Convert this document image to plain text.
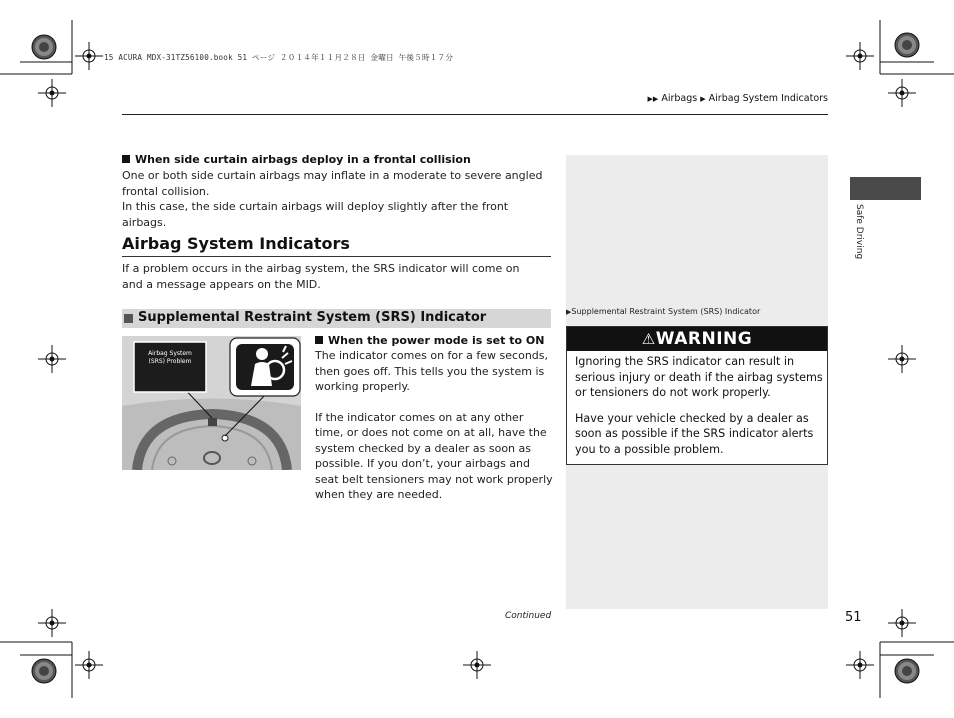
15 ACURA MDX-31TZ56100.book 51 ページ ２０１４年１１月２８日 金曜日 午後５時１７分
▶▶ Airbags ▶ Airbag System Indicators
Safe Driving
When side curtain airbags deploy in a frontal collision
One or both side curtain airbags may inflate in a moderate to severe angled frontal collision.
In this case, the side curtain airbags will deploy slightly after the front airbags.
Airbag System Indicators
If a problem occurs in the airbag system, the SRS indicator will come on and a message appears on the MID.
Supplemental Restraint System (SRS) Indicator
Airbag System
(SRS) Problem
When the power mode is set to ON
The indicator comes on for a few seconds, then goes off. This tells you the system is working properly.
If the indicator comes on at any other time, or does not come on at all, have the system checked by a dealer as soon as possible. If you don’t, your airbags and seat belt tensioners may not work properly when they are needed.
▶Supplemental Restraint System (SRS) Indicator
⚠WARNING

Ignoring the SRS indicator can result in serious injury or death if the airbag systems or tensioners do not work properly.

Have your vehicle checked by a dealer as soon as possible if the SRS indicator alerts you to a possible problem.

Continued	51
